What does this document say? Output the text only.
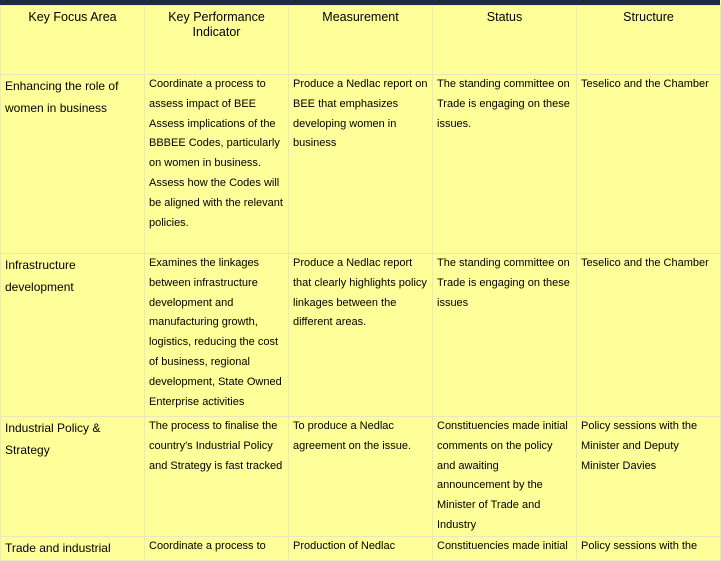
Key Focus Area	Key Performance Indicator	Measurement	Status	Structure
Enhancing the role of women in business	Coordinate a process to assess impact of BEE Assess implications of the BBBEE Codes, particularly on women in business. Assess how the Codes will be aligned with the relevant policies.	Produce a Nedlac report on BEE that emphasizes developing women in business	The standing committee on Trade is engaging on these issues.	Teselico and the Chamber
Infrastructure development	Examines the linkages between infrastructure development and manufacturing growth, logistics, reducing the cost of business, regional development, State Owned Enterprise activities	Produce a Nedlac report that clearly highlights policy linkages between the different areas.	The standing committee on Trade is engaging on these issues	Teselico and the Chamber
Industrial Policy & Strategy	The process to finalise the country's Industrial Policy and Strategy is fast tracked	To produce a Nedlac agreement on the issue.	Constituencies made initial comments on the policy and awaiting announcement by the Minister of Trade and Industry	Policy sessions with the Minister and Deputy Minister Davies
Trade and industrial	Coordinate a process to	Production of Nedlac	Constituencies made initial	Policy sessions with the
